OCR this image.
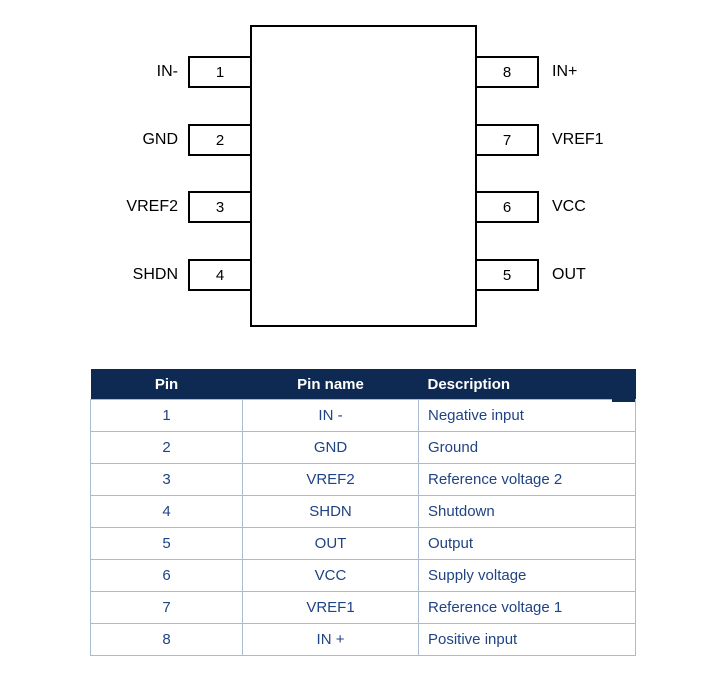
IN-
GND
VREF2
SHDN
1
2
3
4
8
7
6
5
IN+
VREF1
VCC
OUT
Pin	Pin name	Description
1	IN -	Negative input
2	GND	Ground
3	VREF2	Reference voltage 2
4	SHDN	Shutdown
5	OUT	Output
6	VCC	Supply voltage
7	VREF1	Reference voltage 1
8	IN +	Positive input
